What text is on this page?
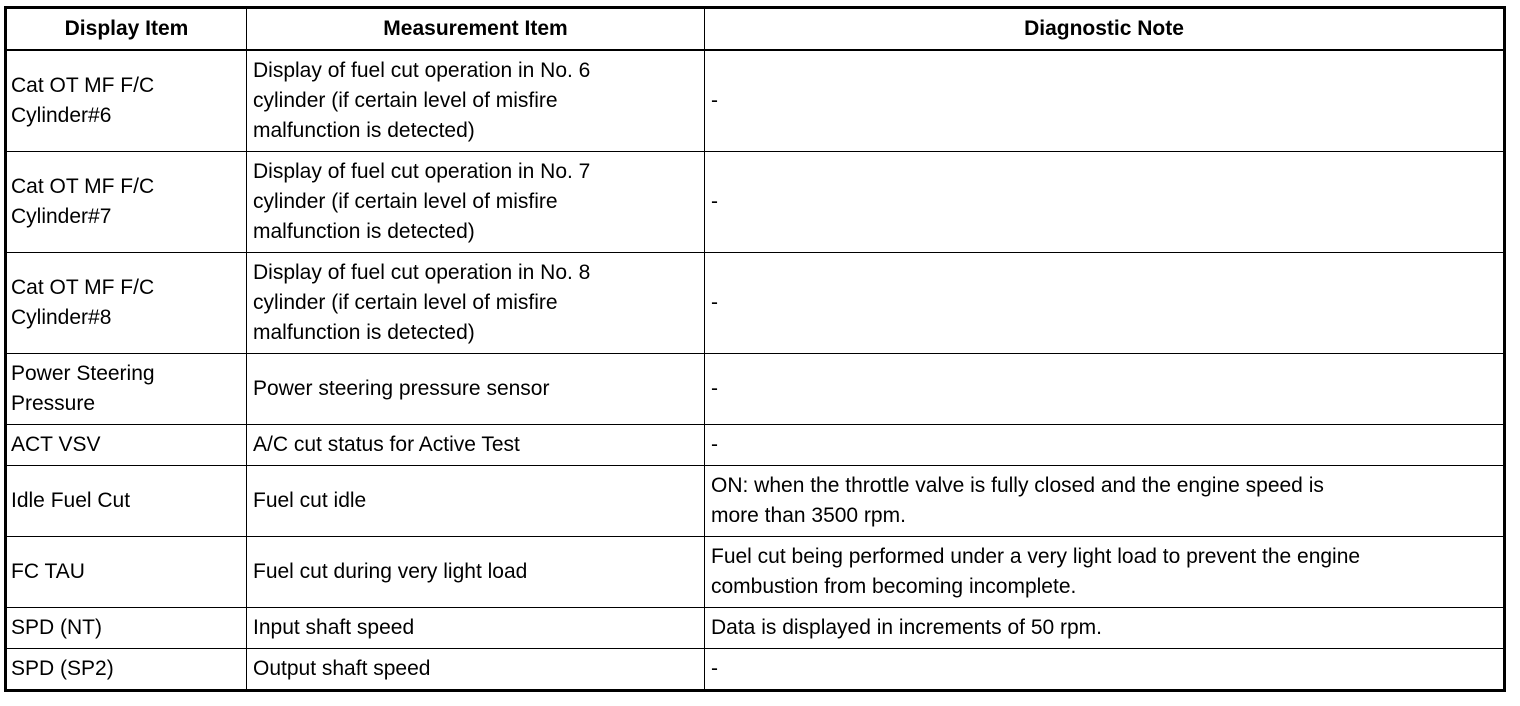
Display Item	Measurement Item	Diagnostic Note

Cat OT MF F/C
Cylinder#6	Display of fuel cut operation in No. 6
cylinder (if certain level of misfire
malfunction is detected)	-

Cat OT MF F/C
Cylinder#7	Display of fuel cut operation in No. 7
cylinder (if certain level of misfire
malfunction is detected)	-

Cat OT MF F/C
Cylinder#8	Display of fuel cut operation in No. 8
cylinder (if certain level of misfire
malfunction is detected)	-

Power Steering
Pressure	Power steering pressure sensor	-

ACT VSV	A/C cut status for Active Test	-

Idle Fuel Cut	Fuel cut idle	ON: when the throttle valve is fully closed and the engine speed is
more than 3500 rpm.

FC TAU	Fuel cut during very light load	Fuel cut being performed under a very light load to prevent the engine
combustion from becoming incomplete.

SPD (NT)	Input shaft speed	Data is displayed in increments of 50 rpm.

SPD (SP2)	Output shaft speed	-
